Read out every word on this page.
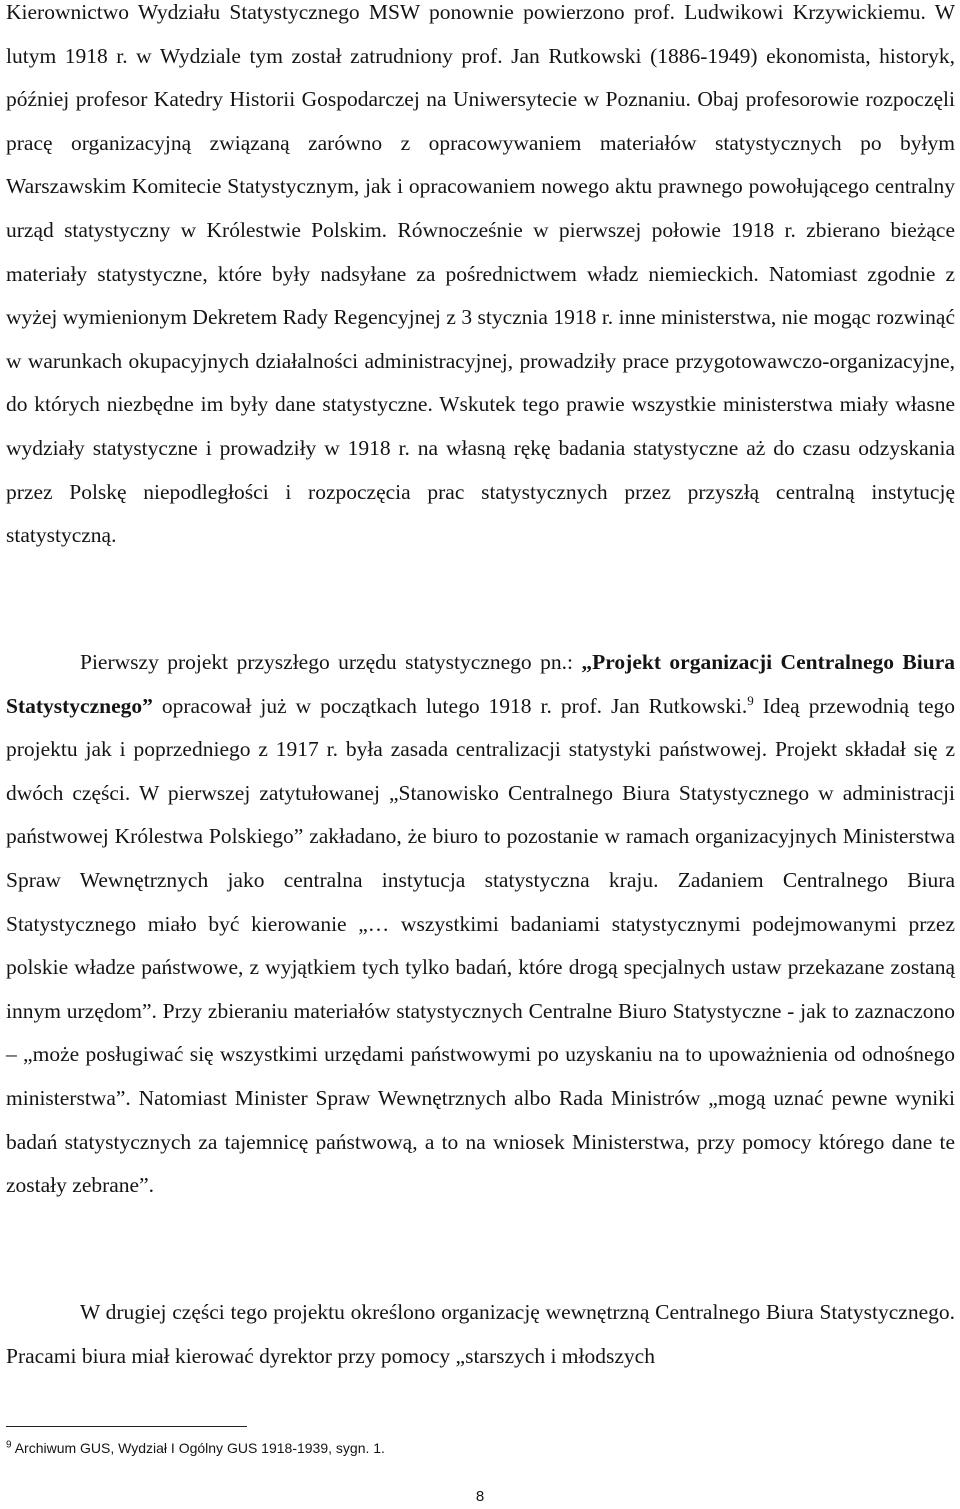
Kierownictwo Wydziału Statystycznego MSW ponownie powierzono prof. Ludwikowi Krzywickiemu. W lutym 1918 r. w Wydziale tym został zatrudniony prof. Jan Rutkowski (1886-1949) ekonomista, historyk, później profesor Katedry Historii Gospodarczej na Uniwersytecie w Poznaniu. Obaj profesorowie rozpoczęli pracę organizacyjną związaną zarówno z opracowywaniem materiałów statystycznych po byłym Warszawskim Komitecie Statystycznym, jak i opracowaniem nowego aktu prawnego powołującego centralny urząd statystyczny w Królestwie Polskim. Równocześnie w pierwszej połowie 1918 r. zbierano bieżące materiały statystyczne, które były nadsyłane za pośrednictwem władz niemieckich. Natomiast zgodnie z wyżej wymienionym Dekretem Rady Regencyjnej z 3 stycznia 1918 r. inne ministerstwa, nie mogąc rozwinąć w warunkach okupacyjnych działalności administracyjnej, prowadziły prace przygotowawczo-organizacyjne, do których niezbędne im były dane statystyczne. Wskutek tego prawie wszystkie ministerstwa miały własne wydziały statystyczne i prowadziły w 1918 r. na własną rękę badania statystyczne aż do czasu odzyskania przez Polskę niepodległości i rozpoczęcia prac statystycznych przez przyszłą centralną instytucję statystyczną.

Pierwszy projekt przyszłego urzędu statystycznego pn.: „Projekt organizacji Centralnego Biura Statystycznego” opracował już w początkach lutego 1918 r. prof. Jan Rutkowski.$^9$ Ideą przewodnią tego projektu jak i poprzedniego z 1917 r. była zasada centralizacji statystyki państwowej. Projekt składał się z dwóch części. W pierwszej zatytułowanej „Stanowisko Centralnego Biura Statystycznego w administracji państwowej Królestwa Polskiego” zakładano, że biuro to pozostanie w ramach organizacyjnych Ministerstwa Spraw Wewnętrznych jako centralna instytucja statystyczna kraju. Zadaniem Centralnego Biura Statystycznego miało być kierowanie „… wszystkimi badaniami statystycznymi podejmowanymi przez polskie władze państwowe, z wyjątkiem tych tylko badań, które drogą specjalnych ustaw przekazane zostaną innym urzędom”. Przy zbieraniu materiałów statystycznych Centralne Biuro Statystyczne - jak to zaznaczono – „może posługiwać się wszystkimi urzędami państwowymi po uzyskaniu na to upoważnienia od odnośnego ministerstwa”. Natomiast Minister Spraw Wewnętrznych albo Rada Ministrów „mogą uznać pewne wyniki badań statystycznych za tajemnicę państwową, a to na wniosek Ministerstwa, przy pomocy którego dane te zostały zebrane”.

W drugiej części tego projektu określono organizację wewnętrzną Centralnego Biura Statystycznego. Pracami biura miał kierować dyrektor przy pomocy „starszych i młodszych

$^9$ Archiwum GUS, Wydział I Ogólny GUS 1918-1939, sygn. 1.
8
